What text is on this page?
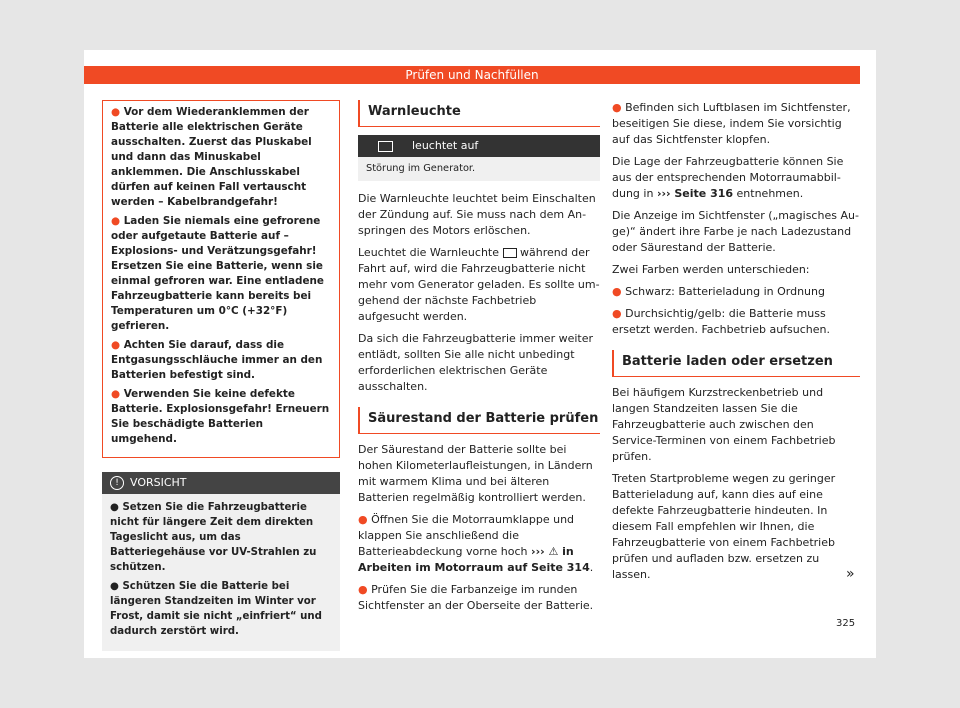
Prüfen und Nachfüllen

● Vor dem Wiederanklemmen der Batterie alle elektrischen Geräte ausschalten. Zuerst das Pluskabel und dann das Minuskabel anklemmen. Die Anschlusskabel dürfen auf keinen Fall vertauscht werden – Kabelbrandgefahr!

● Laden Sie niemals eine gefrorene oder aufgetaute Batterie auf – Explosions- und Verätzungsgefahr! Ersetzen Sie eine Batterie, wenn sie einmal gefroren war. Eine entladene Fahrzeugbatterie kann bereits bei Temperaturen um 0°C (+32°F) gefrieren.

● Achten Sie darauf, dass die Entgasungsschläuche immer an den Batterien befestigt sind.

● Verwenden Sie keine defekte Batterie. Explosionsgefahr! Erneuern Sie beschädigte Batterien umgehend.

! VORSICHT

● Setzen Sie die Fahrzeugbatterie nicht für längere Zeit dem direkten Tageslicht aus, um das Batteriegehäuse vor UV-Strahlen zu schützen.

● Schützen Sie die Batterie bei längeren Standzeiten im Winter vor Frost, damit sie nicht „einfriert“ und dadurch zerstört wird.

Warnleuchte
leuchtet auf
Störung im Generator.

Die Warnleuchte leuchtet beim Einschalten der Zündung auf. Sie muss nach dem Anspringen des Motors erlöschen.

Leuchtet die Warnleuchte während der Fahrt auf, wird die Fahrzeugbatterie nicht mehr vom Generator geladen. Es sollte umgehend der nächste Fachbetrieb aufgesucht werden.

Da sich die Fahrzeugbatterie immer weiter entlädt, sollten Sie alle nicht unbedingt erforderlichen elektrischen Geräte ausschalten.

Säurestand der Batterie prüfen

Der Säurestand der Batterie sollte bei hohen Kilometerlaufleistungen, in Ländern mit warmem Klima und bei älteren Batterien regelmäßig kontrolliert werden.

● Öffnen Sie die Motorraumklappe und klappen Sie anschließend die Batterieabdeckung vorne hoch ››› ⚠ in Arbeiten im Motorraum auf Seite 314.

● Prüfen Sie die Farbanzeige im runden Sichtfenster an der Oberseite der Batterie.

● Befinden sich Luftblasen im Sichtfenster, beseitigen Sie diese, indem Sie vorsichtig auf das Sichtfenster klopfen.

Die Lage der Fahrzeugbatterie können Sie aus der entsprechenden Motorraumabbildung in ››› Seite 316 entnehmen.

Die Anzeige im Sichtfenster („magisches Auge)“ ändert ihre Farbe je nach Ladezustand oder Säurestand der Batterie.

Zwei Farben werden unterschieden:

● Schwarz: Batterieladung in Ordnung

● Durchsichtig/gelb: die Batterie muss ersetzt werden. Fachbetrieb aufsuchen.

Batterie laden oder ersetzen

Bei häufigem Kurzstreckenbetrieb und langen Standzeiten lassen Sie die Fahrzeugbatterie auch zwischen den Service-Terminen von einem Fachbetrieb prüfen.

Treten Startprobleme wegen zu geringer Batterieladung auf, kann dies auf eine defekte Fahrzeugbatterie hindeuten. In diesem Fall empfehlen wir Ihnen, die Fahrzeugbatterie von einem Fachbetrieb prüfen und aufladen bzw. ersetzen zu lassen.	»
325
